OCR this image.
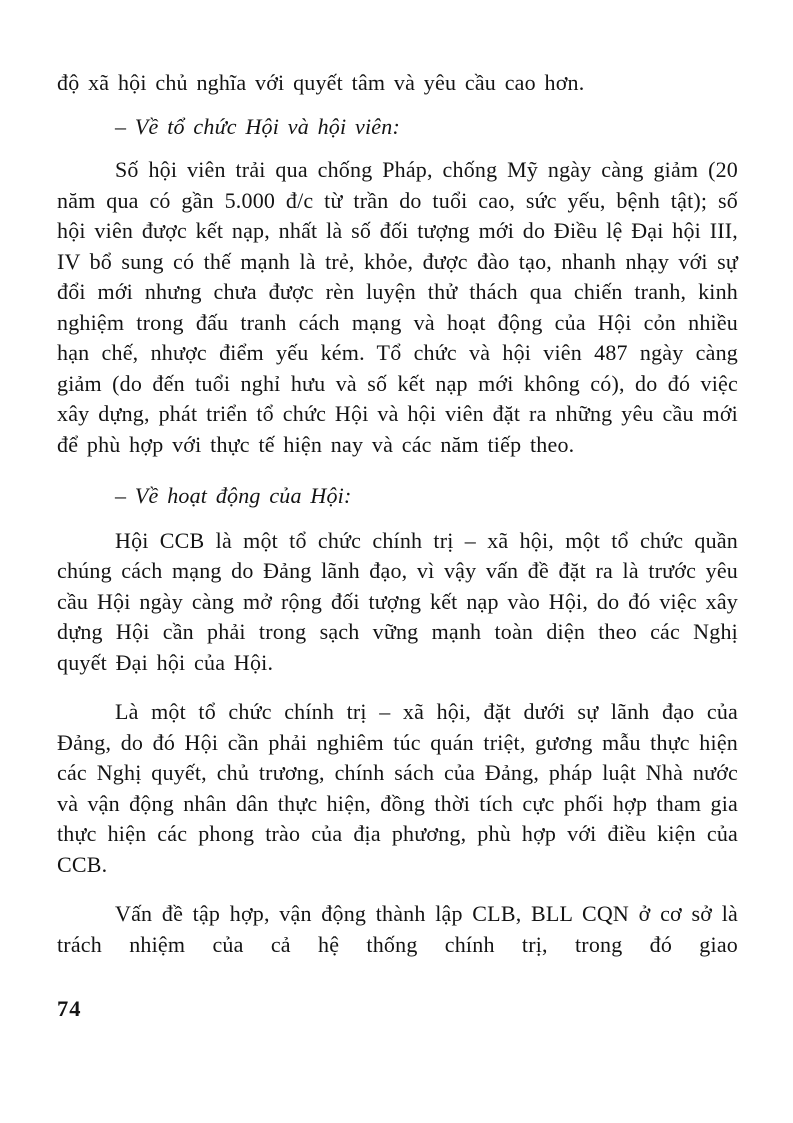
độ xã hội chủ nghĩa với quyết tâm và yêu cầu cao hơn.

– Về tổ chức Hội và hội viên:

Số hội viên trải qua chống Pháp, chống Mỹ ngày càng giảm (20 năm qua có gần 5.000 đ/c từ trần do tuổi cao, sức yếu, bệnh tật); số hội viên được kết nạp, nhất là số đối tượng mới do Điều lệ Đại hội III, IV bổ sung có thế mạnh là trẻ, khỏe, được đào tạo, nhanh nhạy với sự đổi mới nhưng chưa được rèn luyện thử thách qua chiến tranh, kinh nghiệm trong đấu tranh cách mạng và hoạt động của Hội cỏn nhiều hạn chế, nhược điểm yếu kém. Tổ chức và hội viên 487 ngày càng giảm (do đến tuổi nghỉ hưu và số kết nạp mới không có), do đó việc xây dựng, phát triển tổ chức Hội và hội viên đặt ra những yêu cầu mới để phù hợp với thực tế hiện nay và các năm tiếp theo.

– Về hoạt động của Hội:

Hội CCB là một tổ chức chính trị – xã hội, một tổ chức quần chúng cách mạng do Đảng lãnh đạo, vì vậy vấn đề đặt ra là trước yêu cầu Hội ngày càng mở rộng đối tượng kết nạp vào Hội, do đó việc xây dựng Hội cần phải trong sạch vững mạnh toàn diện theo các Nghị quyết Đại hội của Hội.

Là một tổ chức chính trị – xã hội, đặt dưới sự lãnh đạo của Đảng, do đó Hội cần phải nghiêm túc quán triệt, gương mẫu thực hiện các Nghị quyết, chủ trương, chính sách của Đảng, pháp luật Nhà nước và vận động nhân dân thực hiện, đồng thời tích cực phối hợp tham gia thực hiện các phong trào của địa phương, phù hợp với điều kiện của CCB.

Vấn đề tập hợp, vận động thành lập CLB, BLL CQN ở cơ sở là trách nhiệm của cả hệ thống chính trị, trong đó giao

74
